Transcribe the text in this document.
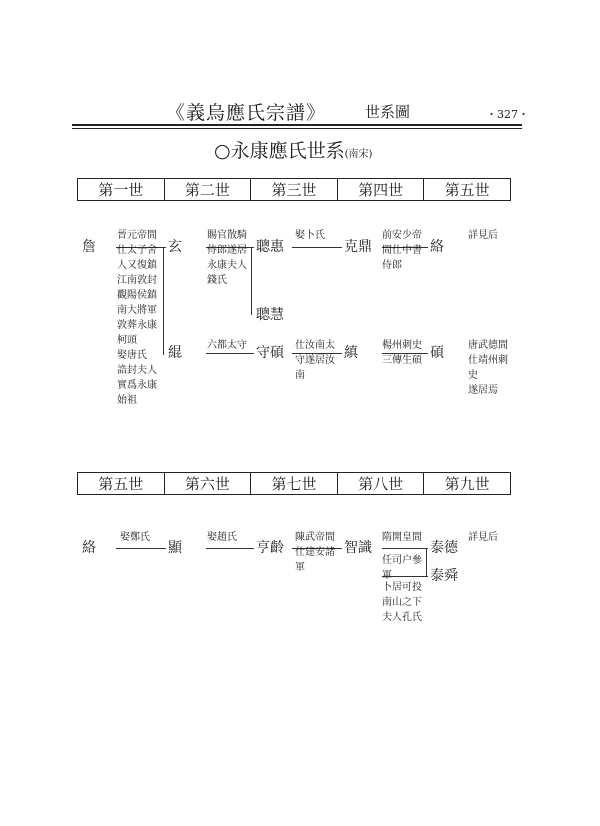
《義烏應氏宗譜》	世系圖	・327・
○永康應氏世系(南宋)
第一世	第二世	第三世	第四世	第五世
詹	玄
緄
聰惠
聰慧
守碩
克鼎
縝
絡
碩
晉元帝間
仕太子舍
人又復鎮
江南敦封
觀陽侯鎮
南大將軍
敦葬永康
柯頭
娶唐氏
誥封夫人
實爲永康
始祖
賜官散騎
侍郎遂居
永康夫人
錢氏
六都太守
娶卜氏
仕汝南太
守遂居汝
南
前安少帝
間仕中書
侍郎
楊州刺史
三傳生碩
詳見后
唐武德間
仕靖州刺
史
遂居焉
第五世	第六世	第七世	第八世	第九世
絡	顯	亨齡	智識	泰德
泰舜
娶鄭氏	娶趙氏	陳武帝間
仕建安諸
軍
隋開皇間
任司户參
軍
卜居可投
南山之下
夫人孔氏
詳見后
